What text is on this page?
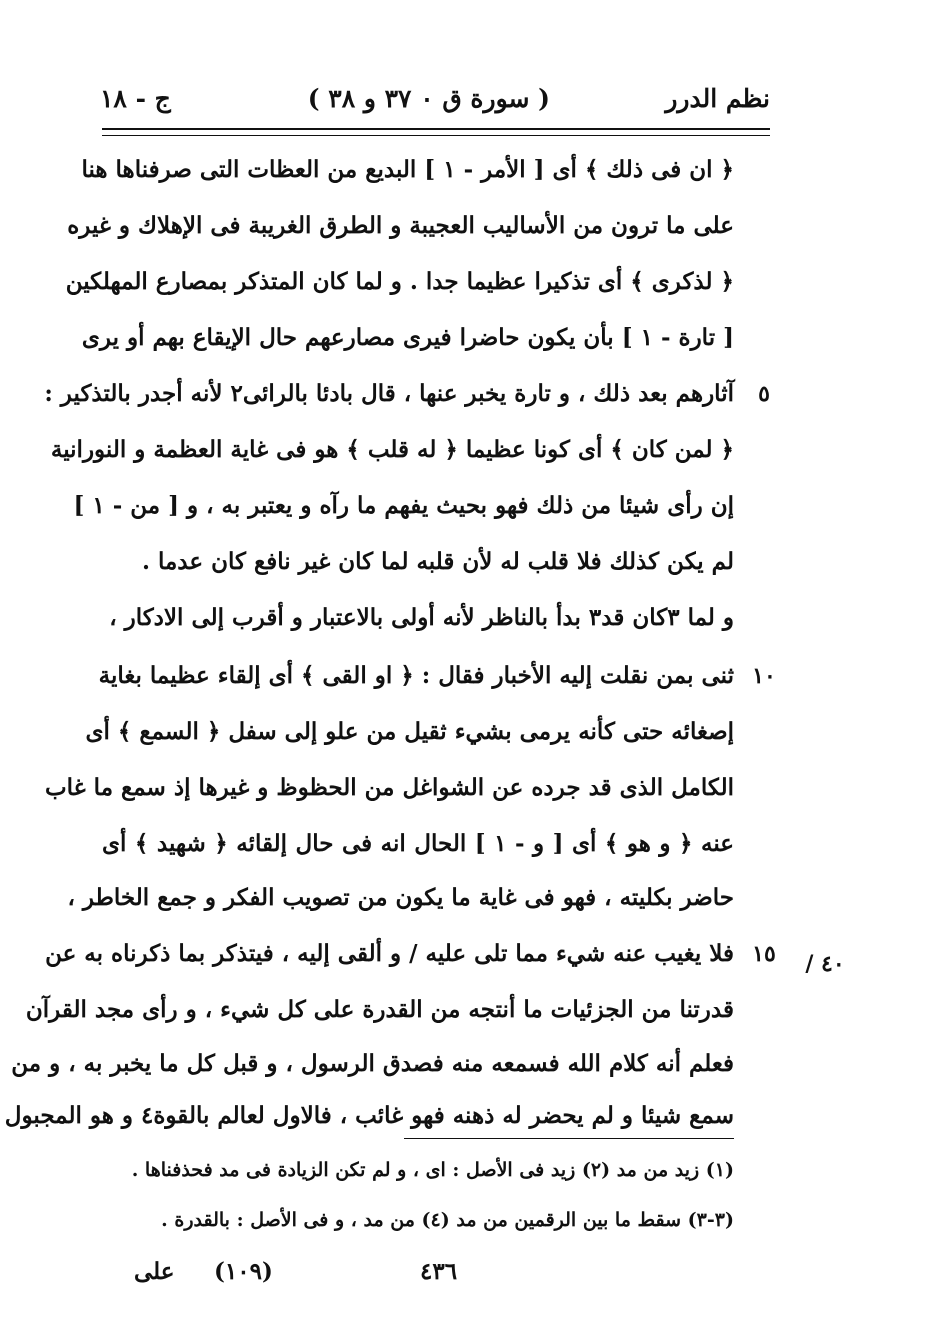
نظم الدرر
( سورة ق ٠ ٣٧ و ٣٨ )
ج - ١٨
﴿ ان فى ذلك ﴾ أى [ الأمر - ١ ] البديع من العظات التى صرفناها هنا
على ما ترون من الأساليب العجيبة و الطرق الغريبة فى الإهلاك و غيره
﴿ لذكرى ﴾ أى تذكيرا عظيما جدا . و لما كان المتذكر بمصارع المهلكين
[ تارة - ١ ] بأن يكون حاضرا فيرى مصارعهم حال الإيقاع بهم أو يرى
آثارهم بعد ذلك ، و تارة يخبر عنها ، قال بادئا بالرائى٢ لأنه أجدر بالتذكير :
﴿ لمن كان ﴾ أى كونا عظيما ﴿ له قلب ﴾ هو فى غاية العظمة و النورانية
إن رأى شيئا من ذلك فهو بحيث يفهم ما رآه و يعتبر به ، و [ من - ١ ]
لم يكن كذلك فلا قلب له لأن قلبه لما كان غير نافع كان عدما .
و لما ٣كان قد٣ بدأ بالناظر لأنه أولى بالاعتبار و أقرب إلى الادكار ،
ثنى بمن نقلت إليه الأخبار فقال : ﴿ او القى ﴾ أى إلقاء عظيما بغاية
إصغائه حتى كأنه يرمى بشيء ثقيل من علو إلى سفل ﴿ السمع ﴾ أى
الكامل الذى قد جرده عن الشواغل من الحظوظ و غيرها إذ سمع ما غاب
عنه ﴿ و هو ﴾ أى [ و - ١ ] الحال انه فى حال إلقائه ﴿ شهيد ﴾ أى
حاضر بكليته ، فهو فى غاية ما يكون من تصويب الفكر و جمع الخاطر ،
فلا يغيب عنه شيء مما تلى عليه / و ألقى إليه ، فيتذكر بما ذكرناه به عن
قدرتنا من الجزئيات ما أنتجه من القدرة على كل شيء ، و رأى مجد القرآن
فعلم أنه كلام الله فسمعه منه فصدق الرسول ، و قبل كل ما يخبر به ، و من
سمع شيئا و لم يحضر له ذهنه فهو غائب ، فالاول لعالم بالقوة٤ و هو المجبول
٥
١٠
١٥	٤٠ /
(١) زيد من مد (٢) زيد فى الأصل : اى ، و لم تكن الزيادة فى مد فحذفناها .
(٣-٣) سقط ما بين الرقمين من مد (٤) من مد ، و فى الأصل : بالقدرة .
٤٣٦
(١٠٩)
على
